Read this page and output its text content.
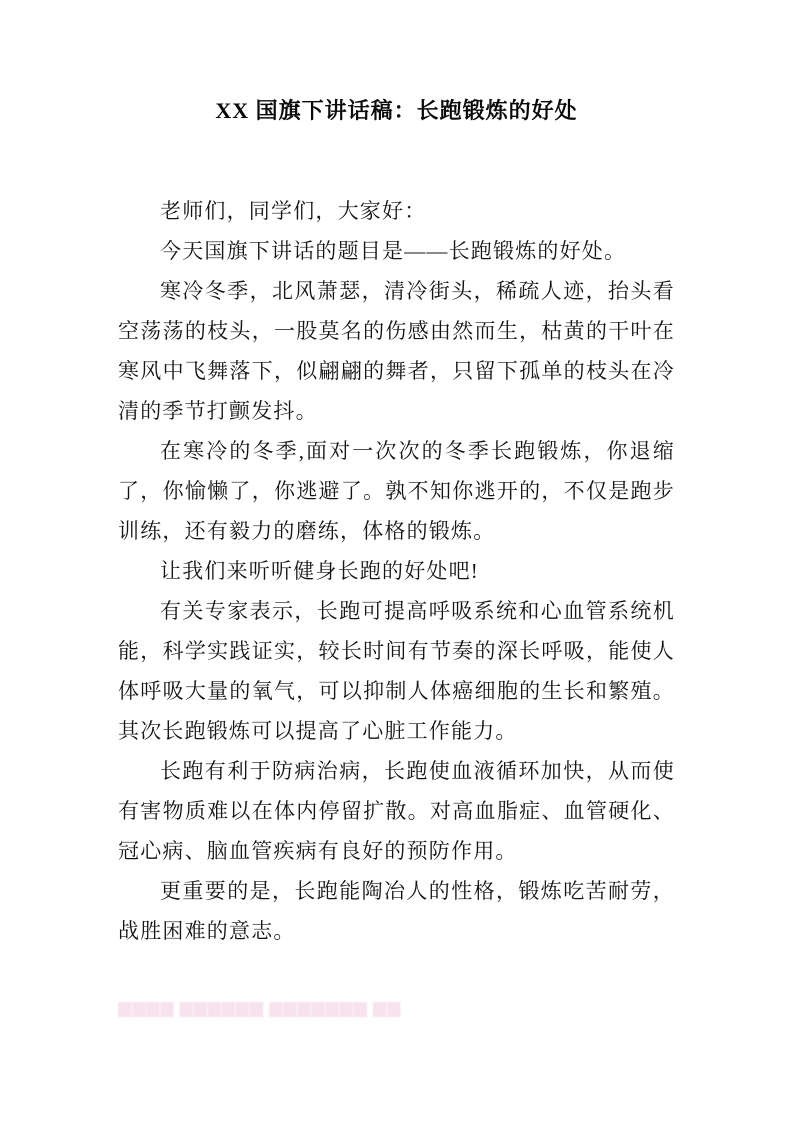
XX 国旗下讲话稿：长跑锻炼的好处

老师们，同学们，大家好：

今天国旗下讲话的题目是——长跑锻炼的好处。

寒冷冬季，北风萧瑟，清冷街头，稀疏人迹，抬头看空荡荡的枝头，一股莫名的伤感由然而生，枯黄的干叶在寒风中飞舞落下，似翩翩的舞者，只留下孤单的枝头在冷清的季节打颤发抖。

在寒冷的冬季,面对一次次的冬季长跑锻炼，你退缩了，你愉懒了，你逃避了。孰不知你逃开的，不仅是跑步训练，还有毅力的磨练，体格的锻炼。

让我们来听听健身长跑的好处吧!

有关专家表示，长跑可提高呼吸系统和心血管系统机能，科学实践证实，较长时间有节奏的深长呼吸，能使人体呼吸大量的氧气，可以抑制人体癌细胞的生长和繁殖。其次长跑锻炼可以提高了心脏工作能力。

长跑有利于防病治病，长跑使血液循环加快，从而使有害物质难以在体内停留扩散。对高血脂症、血管硬化、冠心病、脑血管疾病有良好的预防作用。

更重要的是，长跑能陶冶人的性格，锻炼吃苦耐劳，战胜困难的意志。

▆▆▆▆ ▆▆▆▆▆▆ ▆▆▆▆▆▆▆ ▆▆
